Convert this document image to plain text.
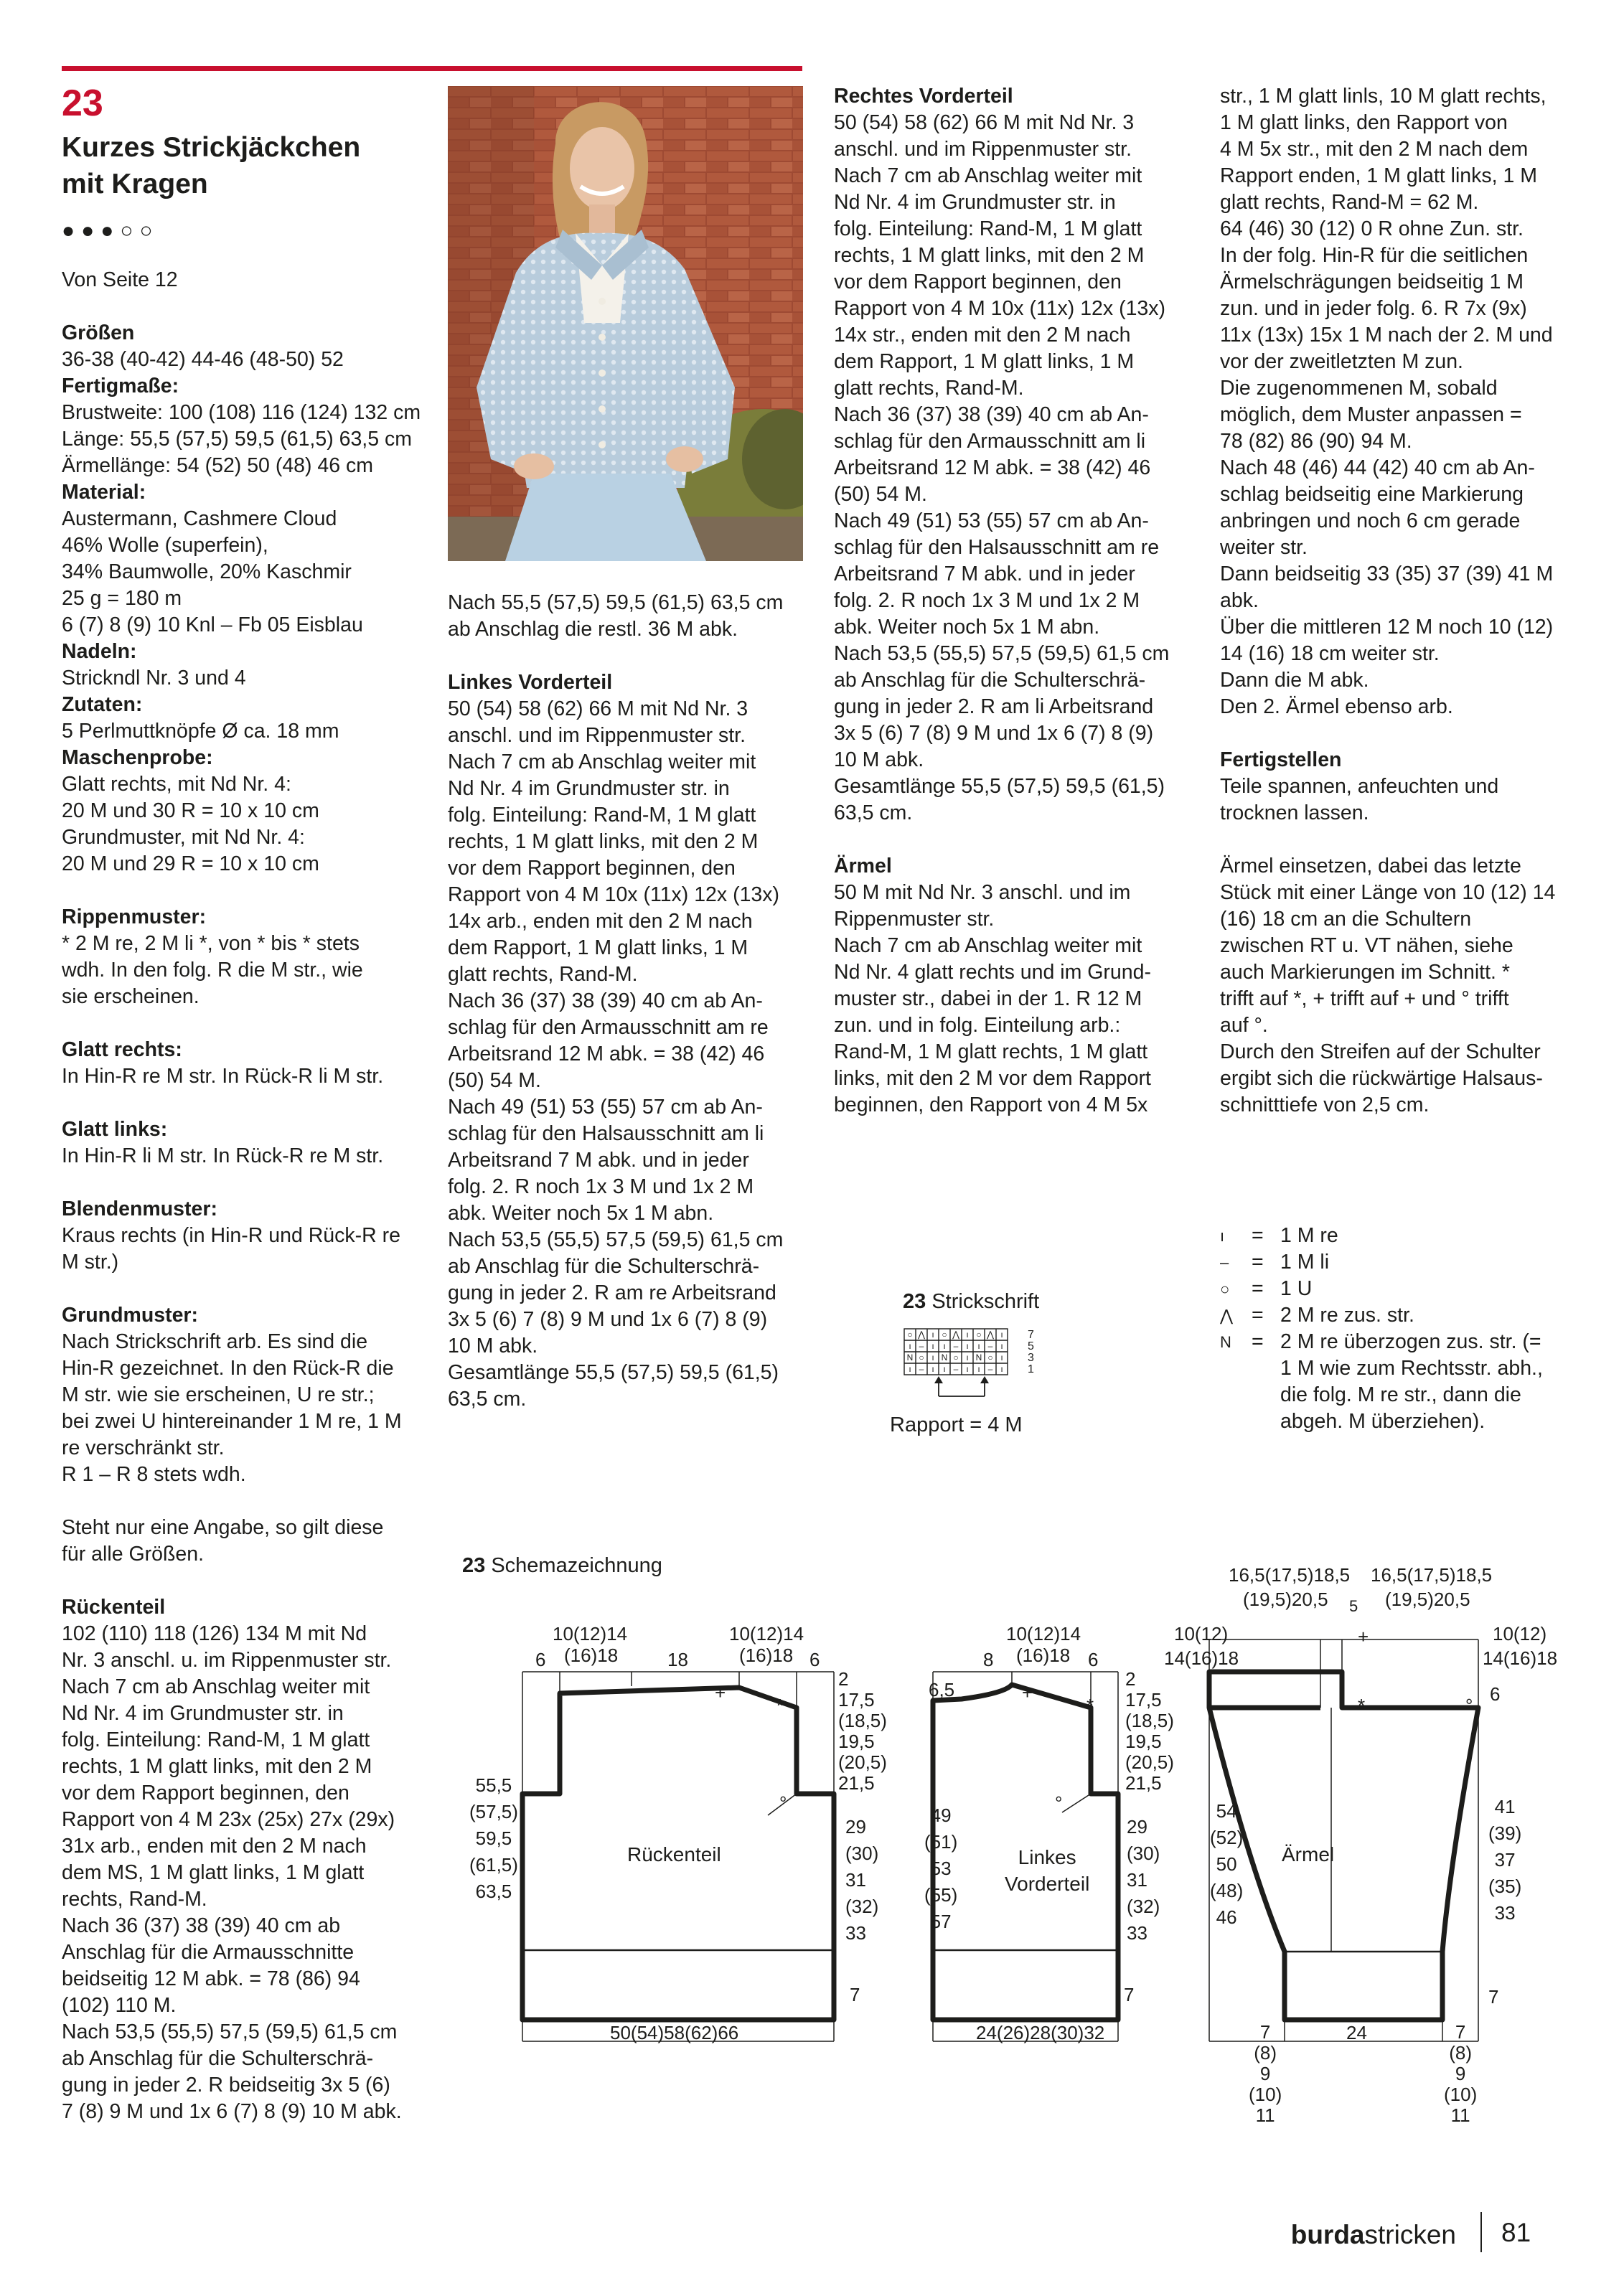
23
Kurzes Strickjäckchen
mit Kragen
●●●○○

Von Seite 12

Größen

36-38 (40-42) 44-46 (48-50) 52

Fertigmaße:

Brustweite: 100 (108) 116 (124) 132 cm

Länge: 55,5 (57,5) 59,5 (61,5) 63,5 cm

Ärmellänge: 54 (52) 50 (48) 46 cm

Material:

Austermann, Cashmere Cloud

46% Wolle (superfein),

34% Baumwolle, 20% Kaschmir

25 g = 180 m

6 (7) 8 (9) 10 Knl – Fb 05 Eisblau

Nadeln:

Strickndl Nr. 3 und 4

Zutaten:

5 Perlmuttknöpfe Ø ca. 18 mm

Maschenprobe:

Glatt rechts, mit Nd Nr. 4:

20 M und 30 R = 10 x 10 cm

Grundmuster, mit Nd Nr. 4:

20 M und 29 R = 10 x 10 cm

Rippenmuster:

* 2 M re, 2 M li *, von * bis * stets

wdh. In den folg. R die M str., wie

sie erscheinen.

Glatt rechts:

In Hin-R re M str. In Rück-R li M str.

Glatt links:

In Hin-R li M str. In Rück-R re M str.

Blendenmuster:

Kraus rechts (in Hin-R und Rück-R re

M str.)

Grundmuster:

Nach Strickschrift arb. Es sind die

Hin-R gezeichnet. In den Rück-R die

M str. wie sie erscheinen, U re str.;

bei zwei U hintereinander 1 M re, 1 M

re verschränkt str.

R 1 – R 8 stets wdh.

Steht nur eine Angabe, so gilt diese

für alle Größen.

Rückenteil

102 (110) 118 (126) 134 M mit Nd

Nr. 3 anschl. u. im Rippenmuster str.

Nach 7 cm ab Anschlag weiter mit

Nd Nr. 4 im Grundmuster str. in

folg. Einteilung: Rand-M, 1 M glatt

rechts, 1 M glatt links, mit den 2 M

vor dem Rapport beginnen, den

Rapport von 4 M 23x (25x) 27x (29x)

31x arb., enden mit den 2 M nach

dem MS, 1 M glatt links, 1 M glatt

rechts, Rand-M.

Nach 36 (37) 38 (39) 40 cm ab

Anschlag für die Armausschnitte

beidseitig 12 M abk. = 78 (86) 94

(102) 110 M.

Nach 53,5 (55,5) 57,5 (59,5) 61,5 cm

ab Anschlag für die Schulterschrä-

gung in jeder 2. R beidseitig 3x 5 (6)

7 (8) 9 M und 1x 6 (7) 8 (9) 10 M abk.

Nach 55,5 (57,5) 59,5 (61,5) 63,5 cm

ab Anschlag die restl. 36 M abk.

Linkes Vorderteil

50 (54) 58 (62) 66 M mit Nd Nr. 3

anschl. und im Rippenmuster str.

Nach 7 cm ab Anschlag weiter mit

Nd Nr. 4 im Grundmuster str. in

folg. Einteilung: Rand-M, 1 M glatt

rechts, 1 M glatt links, mit den 2 M

vor dem Rapport beginnen, den

Rapport von 4 M 10x (11x) 12x (13x)

14x arb., enden mit den 2 M nach

dem Rapport, 1 M glatt links, 1 M

glatt rechts, Rand-M.

Nach 36 (37) 38 (39) 40 cm ab An-

schlag für den Armausschnitt am re

Arbeitsrand 12 M abk. = 38 (42) 46

(50) 54 M.

Nach 49 (51) 53 (55) 57 cm ab An-

schlag für den Halsausschnitt am li

Arbeitsrand 7 M abk. und in jeder

folg. 2. R noch 1x 3 M und 1x 2 M

abk. Weiter noch 5x 1 M abn.

Nach 53,5 (55,5) 57,5 (59,5) 61,5 cm

ab Anschlag für die Schulterschrä-

gung in jeder 2. R am re Arbeitsrand

3x 5 (6) 7 (8) 9 M und 1x 6 (7) 8 (9)

10 M abk.

Gesamtlänge 55,5 (57,5) 59,5 (61,5)

63,5 cm.

Rechtes Vorderteil

50 (54) 58 (62) 66 M mit Nd Nr. 3

anschl. und im Rippenmuster str.

Nach 7 cm ab Anschlag weiter mit

Nd Nr. 4 im Grundmuster str. in

folg. Einteilung: Rand-M, 1 M glatt

rechts, 1 M glatt links, mit den 2 M

vor dem Rapport beginnen, den

Rapport von 4 M 10x (11x) 12x (13x)

14x str., enden mit den 2 M nach

dem Rapport, 1 M glatt links, 1 M

glatt rechts, Rand-M.

Nach 36 (37) 38 (39) 40 cm ab An-

schlag für den Armausschnitt am li

Arbeitsrand 12 M abk. = 38 (42) 46

(50) 54 M.

Nach 49 (51) 53 (55) 57 cm ab An-

schlag für den Halsausschnitt am re

Arbeitsrand 7 M abk. und in jeder

folg. 2. R noch 1x 3 M und 1x 2 M

abk. Weiter noch 5x 1 M abn.

Nach 53,5 (55,5) 57,5 (59,5) 61,5 cm

ab Anschlag für die Schulterschrä-

gung in jeder 2. R am li Arbeitsrand

3x 5 (6) 7 (8) 9 M und 1x 6 (7) 8 (9)

10 M abk.

Gesamtlänge 55,5 (57,5) 59,5 (61,5)

63,5 cm.

Ärmel

50 M mit Nd Nr. 3 anschl. und im

Rippenmuster str.

Nach 7 cm ab Anschlag weiter mit

Nd Nr. 4 glatt rechts und im Grund-

muster str., dabei in der 1. R 12 M

zun. und in folg. Einteilung arb.:

Rand-M, 1 M glatt rechts, 1 M glatt

links, mit den 2 M vor dem Rapport

beginnen, den Rapport von 4 M 5x

str., 1 M glatt linls, 10 M glatt rechts,

1 M glatt links, den Rapport von

4 M 5x str., mit den 2 M nach dem

Rapport enden, 1 M glatt links, 1 M

glatt rechts, Rand-M = 62 M.

64 (46) 30 (12) 0 R ohne Zun. str.

In der folg. Hin-R für die seitlichen

Ärmelschrägungen beidseitig 1 M

zun. und in jeder folg. 6. R 7x (9x)

11x (13x) 15x 1 M nach der 2. M und

vor der zweitletzten M zun.

Die zugenommenen M, sobald

möglich, dem Muster anpassen =

78 (82) 86 (90) 94 M.

Nach 48 (46) 44 (42) 40 cm ab An-

schlag beidseitig eine Markierung

anbringen und noch 6 cm gerade

weiter str.

Dann beidseitig 33 (35) 37 (39) 41 M

abk.

Über die mittleren 12 M noch 10 (12)

14 (16) 18 cm weiter str.

Dann die M abk.

Den 2. Ärmel ebenso arb.

Fertigstellen

Teile spannen, anfeuchten und

trocknen lassen.

Ärmel einsetzen, dabei das letzte

Stück mit einer Länge von 10 (12) 14

(16) 18 cm an die Schultern

zwischen RT u. VT nähen, siehe

auch Markierungen im Schnitt. *

trifft auf *, + trifft auf + und ° trifft

auf °.

Durch den Streifen auf der Schulter

ergibt sich die rückwärtige Halsaus-

schnitttiefe von 2,5 cm.

23 Strickschrift
○ ⋀ ı ○ ⋀ ı ○ ⋀ ı
ı – ı ı – ı ı – ı
N ○ ı N ○ ı N ○ ı
ı – ı ı – ı ı – ı
7
5
3
1
Rapport = 4 M
ı	= 1 M re
–	= 1 M li
○	= 1 U
⋀ = 2 M re zus. str.
N = 2 M re überzogen zus. str. (=
1 M wie zum Rechtsstr. abh.,
die folg. M re str., dann die
abgeh. M überziehen).
23 Schemazeichnung
10(12)14
(16)18
6	18
10(12)14
(16)18 6
2
17,5
(18,5)
19,5
(20,5)
21,5
29
(30)
31
(32)
33
55,5
(57,5)
59,5
(61,5)
63,5
Rückenteil
7
50(54)58(62)66
+
*
°
10(12)14
(16)18
8	6
6,5	2
17,5
(18,5)
19,5
(20,5)
21,5
29
(30)
31
(32)
33
49
(51)
53
(55)
57
Linkes
Vorderteil
7
24(26)28(30)32
+
*
°
16,5(17,5)18,5
(19,5)20,5
16,5(17,5)18,5
(19,5)20,5
5
10(12)
14(16)18
10(12)
14(16)18
6
54
(52)
50
(48)
46
41
(39)
37
(35)
33
Ärmel
7
24
7
(8)
9
(10)
11
7
(8)
9
(10)
11
+
*	°
burdastricken 81
